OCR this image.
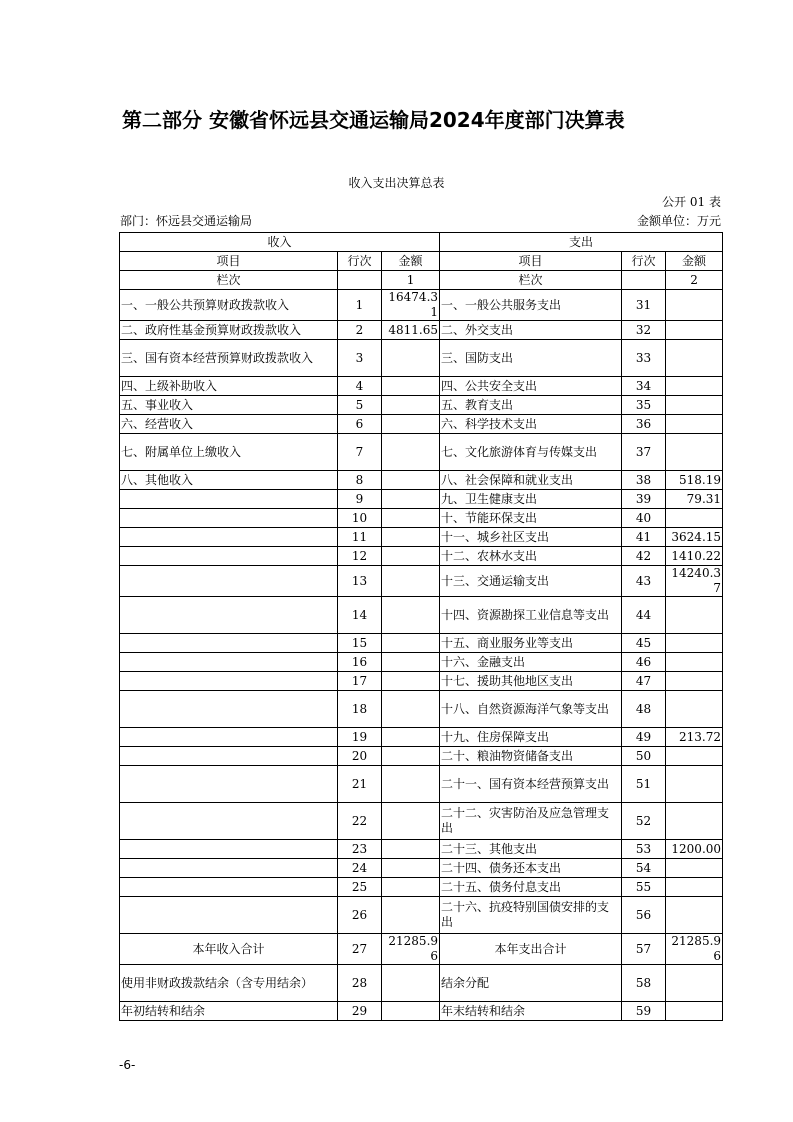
第二部分 安徽省怀远县交通运输局2024年度部门决算表
收入支出决算总表
公开 01 表
部门：怀远县交通运输局	金额单位：万元
收入			支出		
项目	行次	金额	项目	行次	金额
栏次		1	栏次		2
一、一般公共预算财政拨款收入	1	16474.31	一、一般公共服务支出	31	
二、政府性基金预算财政拨款收入	2	4811.65	二、外交支出	32	
三、国有资本经营预算财政拨款收入	3		三、国防支出	33	
四、上级补助收入	4		四、公共安全支出	34	
五、事业收入	5		五、教育支出	35	
六、经营收入	6		六、科学技术支出	36	
七、附属单位上缴收入	7		七、文化旅游体育与传媒支出	37	
八、其他收入	8		八、社会保障和就业支出	38	518.19
	9		九、卫生健康支出	39	79.31
	10		十、节能环保支出	40	
	11		十一、城乡社区支出	41	3624.15
	12		十二、农林水支出	42	1410.22
	13		十三、交通运输支出	43	14240.37
	14		十四、资源勘探工业信息等支出	44	
	15		十五、商业服务业等支出	45	
	16		十六、金融支出	46	
	17		十七、援助其他地区支出	47	
	18		十八、自然资源海洋气象等支出	48	
	19		十九、住房保障支出	49	213.72
	20		二十、粮油物资储备支出	50	
	21		二十一、国有资本经营预算支出	51	
	22		二十二、灾害防治及应急管理支出	52	
	23		二十三、其他支出	53	1200.00
	24		二十四、债务还本支出	54	
	25		二十五、债务付息支出	55	
	26		二十六、抗疫特别国债安排的支出	56	
本年收入合计	27	21285.96	本年支出合计	57	21285.96
使用非财政拨款结余（含专用结余）	28		结余分配	58	
年初结转和结余	29		年末结转和结余	59	
-6-
